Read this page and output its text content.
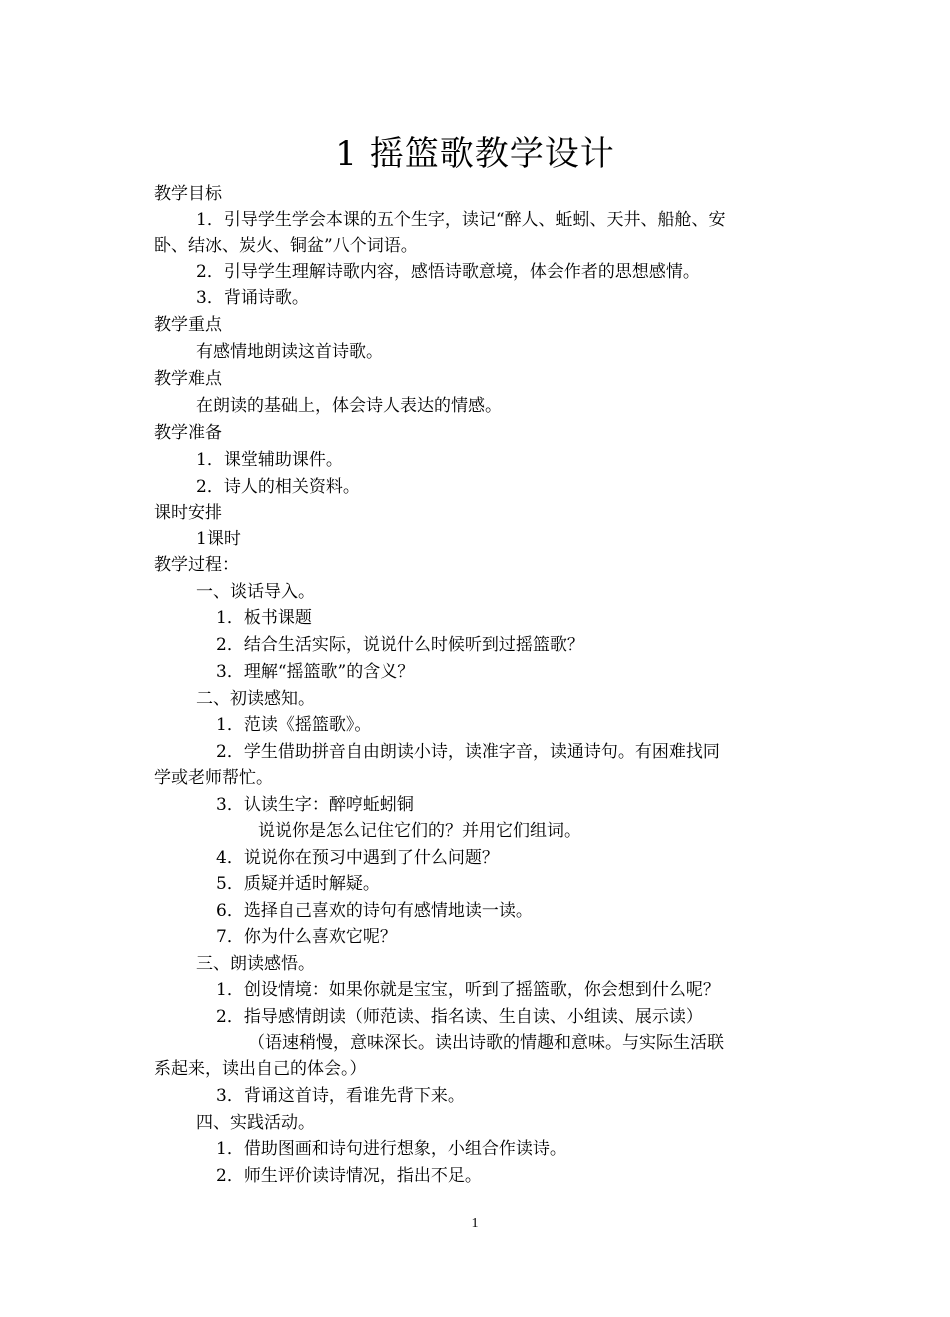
1 摇篮歌教学设计
教学目标
1．引导学生学会本课的五个生字，读记“醉人、蚯蚓、天井、船舱、安
卧、结冰、炭火、铜盆”八个词语。
2．引导学生理解诗歌内容，感悟诗歌意境，体会作者的思想感情。
3．背诵诗歌。
教学重点
有感情地朗读这首诗歌。
教学难点
在朗读的基础上，体会诗人表达的情感。
教学准备
1．课堂辅助课件。
2．诗人的相关资料。
课时安排
1课时
教学过程：
一、谈话导入。
1．板书课题
2．结合生活实际，说说什么时候听到过摇篮歌？
3．理解“摇篮歌”的含义？
二、初读感知。
1．范读《摇篮歌》。
2．学生借助拼音自由朗读小诗，读准字音，读通诗句。有困难找同
学或老师帮忙。
3．认读生字：醉哼蚯蚓铜
说说你是怎么记住它们的？并用它们组词。
4．说说你在预习中遇到了什么问题？
5．质疑并适时解疑。
6．选择自己喜欢的诗句有感情地读一读。
7．你为什么喜欢它呢？
三、朗读感悟。
1．创设情境：如果你就是宝宝，听到了摇篮歌，你会想到什么呢？
2．指导感情朗读（师范读、指名读、生自读、小组读、展示读）
（语速稍慢，意味深长。读出诗歌的情趣和意味。与实际生活联
系起来，读出自己的体会。）
3．背诵这首诗，看谁先背下来。
四、实践活动。
1．借助图画和诗句进行想象，小组合作读诗。
2．师生评价读诗情况，指出不足。
1
